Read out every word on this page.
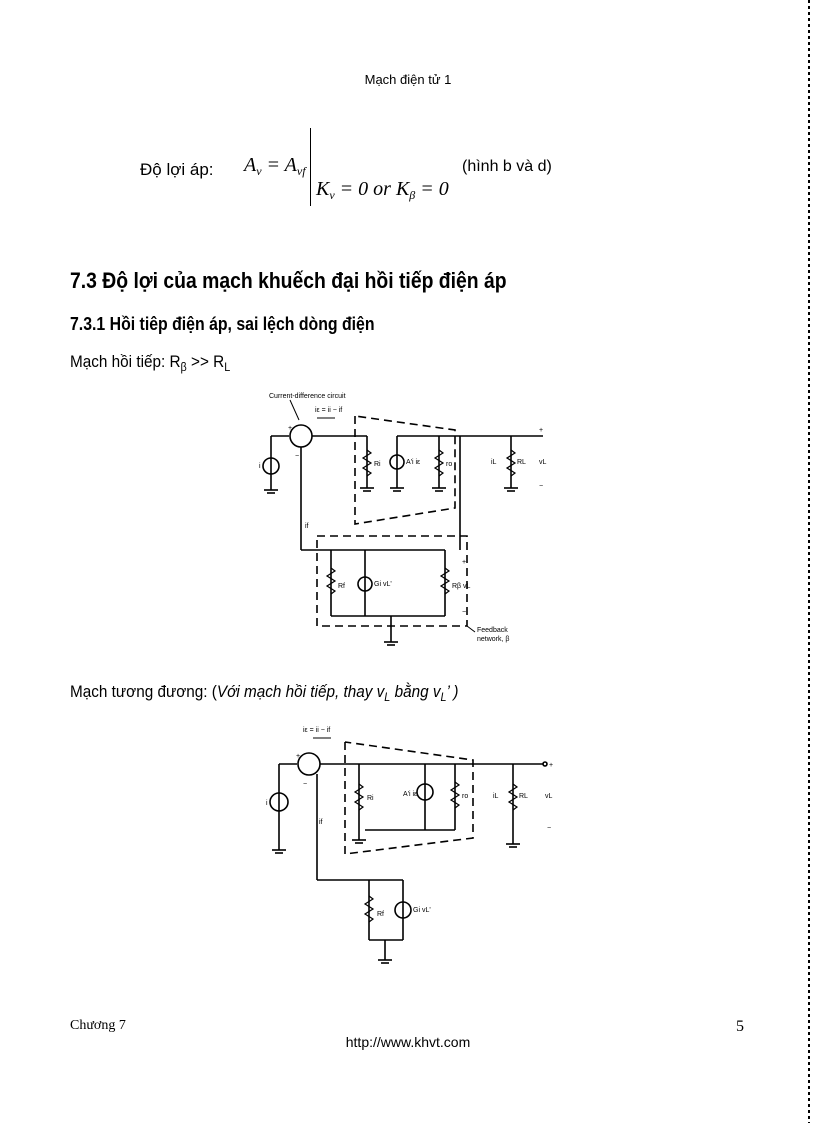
Mạch điện tử 1
Độ lợi áp: $A_v = A_{vf}$
$K_v = 0$ or $K_\beta = 0$
(hình b và d)
7.3 Độ lợi của mạch khuếch đại hồi tiếp điện áp
7.3.1 Hồi tiêp điện áp, sai lệch dòng điện
Mạch hồi tiếp: $R_\beta >> R_L$
Current-difference circuit
iε = ii − if
i
+
−
Ri	A'i iε	ro	iL	RL
+
vL
−
if
Rf	Gi vL'	Rβ
+
vL
−
Feedback
network, β
Mạch tương đương: (Với mạch hồi tiếp, thay $v_L$ bằng $v_L$’ )
iε = ii − if
i
+
−
Ri
A'i iε	ro
+
iL	RL vL
−
if
Rf
Gi vL'
Chương 7
http://www.khvt.com
5
